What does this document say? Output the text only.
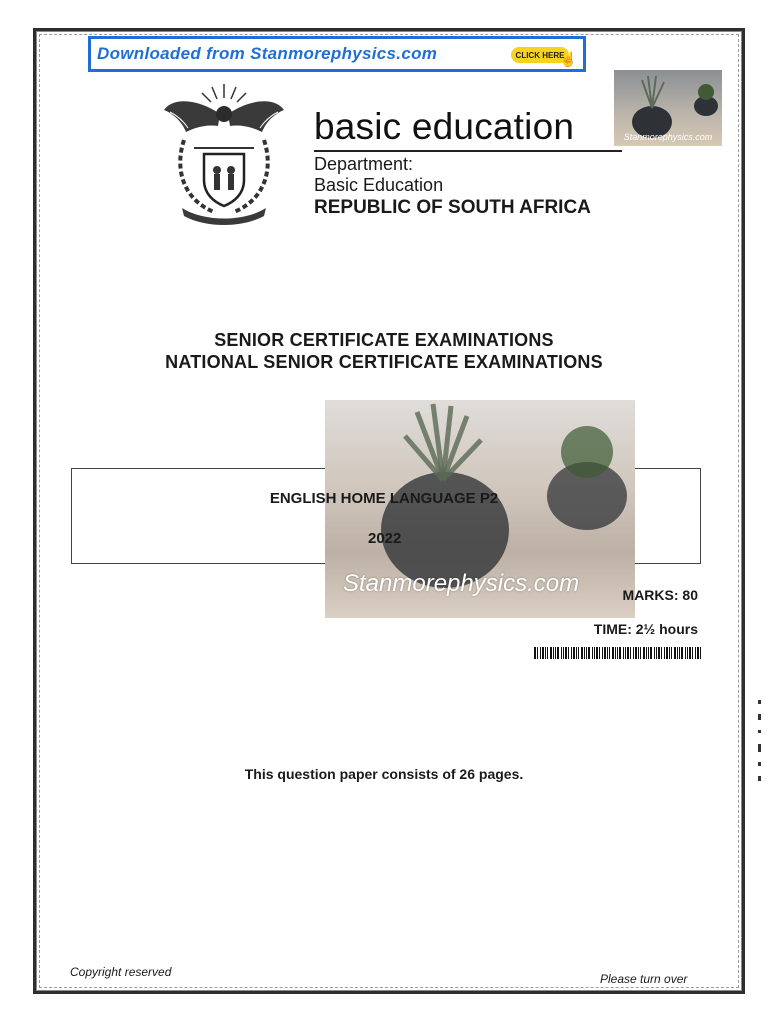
Downloaded from Stanmorephysics.com	CLICK HERE
☝
basic education
Department:
Basic Education
REPUBLIC OF SOUTH AFRICA
Stanmorephysics.com
SENIOR CERTIFICATE EXAMINATIONS
NATIONAL SENIOR CERTIFICATE EXAMINATIONS
Stanmorephysics.com
ENGLISH HOME LANGUAGE P2
2022
MARKS: 80
TIME: 2½ hours
This question paper consists of 26 pages.
Copyright reserved	Please turn over
